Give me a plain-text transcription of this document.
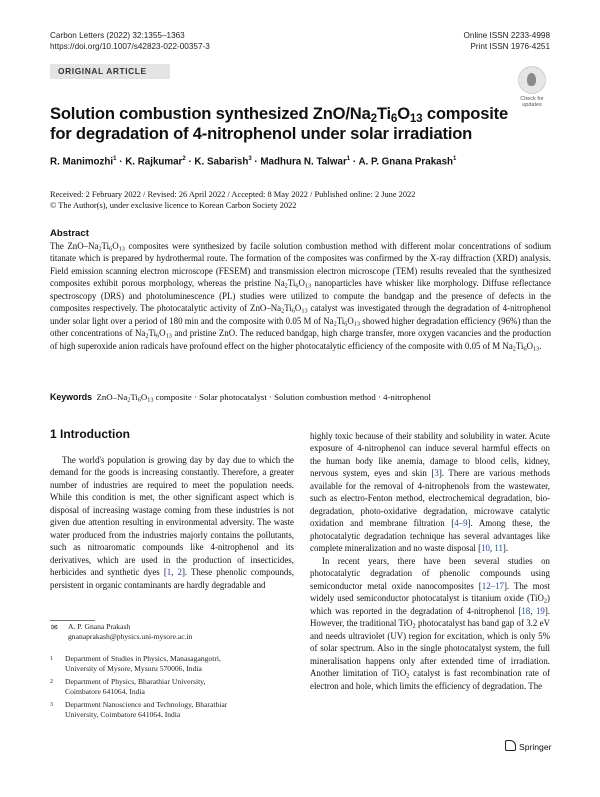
Carbon Letters (2022) 32:1355–1363
https://doi.org/10.1007/s42823-022-00357-3
Online ISSN 2233-4998
Print ISSN 1976-4251
ORIGINAL ARTICLE
Check for
updates
Solution combustion synthesized ZnO/$Na_2Ti_6O_{13}$ composite
for degradation of 4-nitrophenol under solar irradiation
R. Manimozhi$^1$ · K. Rajkumar$^2$ · K. Sabarish$^3$ · Madhura N. Talwar$^1$ · A. P. Gnana Prakash$^1$
Received: 2 February 2022 / Revised: 26 April 2022 / Accepted: 8 May 2022 / Published online: 2 June 2022
© The Author(s), under exclusive licence to Korean Carbon Society 2022
Abstract
The ZnO–$Na_2Ti_6O_{13}$ composites were synthesized by facile solution combustion method with different molar concentrations of sodium titanate which is prepared by hydrothermal route. The formation of the composites was confirmed by the X-ray diffraction (XRD) analysis. Field emission scanning electron microscope (FESEM) and transmission electron microscope (TEM) results revealed that the synthesized composites exhibit porous morphology, whereas the pristine $Na_2Ti_6O_{13}$ nanoparticles have whisker like morphology. Diffuse reflectance spectroscopy (DRS) and photoluminescence (PL) studies were utilized to compute the bandgap and the presence of defects in the composites respectively. The photocatalytic activity of ZnO–$Na_2Ti_6O_{13}$ catalyst was investigated through the degradation of 4-nitrophenol under solar light over a period of 180 min and the composite with 0.05 M of $Na_2Ti_6O_{13}$ showed higher degradation efficiency (96%) than the other concentrations of $Na_2Ti_6O_{13}$ and pristine ZnO. The reduced bandgap, high charge transfer, more oxygen vacancies and the production of high superoxide anion radicals have profound effect on the higher photocatalytic efficiency of the composite with 0.05 of M $Na_2Ti_6O_{13}$.
Keywords ZnO–$Na_2Ti_6O_{13}$ composite · Solar photocatalyst · Solution combustion method · 4-nitrophenol
1 Introduction

The world's population is growing day by day due to which the demand for the goods is increasing constantly. Therefore, a greater number of industries are required to meet the population needs. While this condition is met, the other significant aspect which is disposal of increasing wastage coming from these industries is not given due attention resulting in environmental adversity. The waste water produced from the industries majorly contains the pollutants, such as nitroaromatic compounds like 4-nitrophenol and its derivatives, which are used in the production of insecticides, herbicides and synthetic dyes [1, 2]. These phenolic compounds, persistent in organic contaminants are hardly degradable and

highly toxic because of their stability and solubility in water. Acute exposure of 4-nitrophenol can induce several harmful effects on the human body like anemia, damage to blood cells, kidney, nervous system, eyes and skin [3]. There are various methods available for the removal of 4-nitrophenols from the wastewater, such as electro-Fenton method, electrochemical degradation, bio-degradation, photo-oxidative degradation, microwave catalytic oxidation and membrane filtration [4–9]. Among these, the photocatalytic degradation technique has several advantages like complete mineralization and no waste disposal [10, 11].

In recent years, there have been several studies on photocatalytic degradation of phenolic compounds using semiconductor metal oxide nanocomposites [12–17]. The most widely used semiconductor photocatalyst is titanium oxide (TiO$_2$) which was reported in the degradation of 4-nitrophenol [18, 19]. However, the traditional TiO$_2$ photocatalyst has band gap of 3.2 eV and needs ultraviolet (UV) region for excitation, which is only 5% of solar spectrum. Also in the single photocatalyst system, the full mineralisation happens only after extended time of irradiation. Another limitation of TiO$_2$ catalyst is fast recombination rate of electron and hole, which limits the efficiency of degradation. The

✉ A. P. Gnana Prakash
gnanaprakash@physics.uni-mysore.ac.in
1 Department of Studies in Physics, Manasagangotri,
University of Mysore, Mysuru 570006, India
2 Department of Physics, Bharathiar University,
Coimbatore 641064, India
3 Department Nanoscience and Technology, Bharathiar
University, Coimbatore 641064, India
Springer
